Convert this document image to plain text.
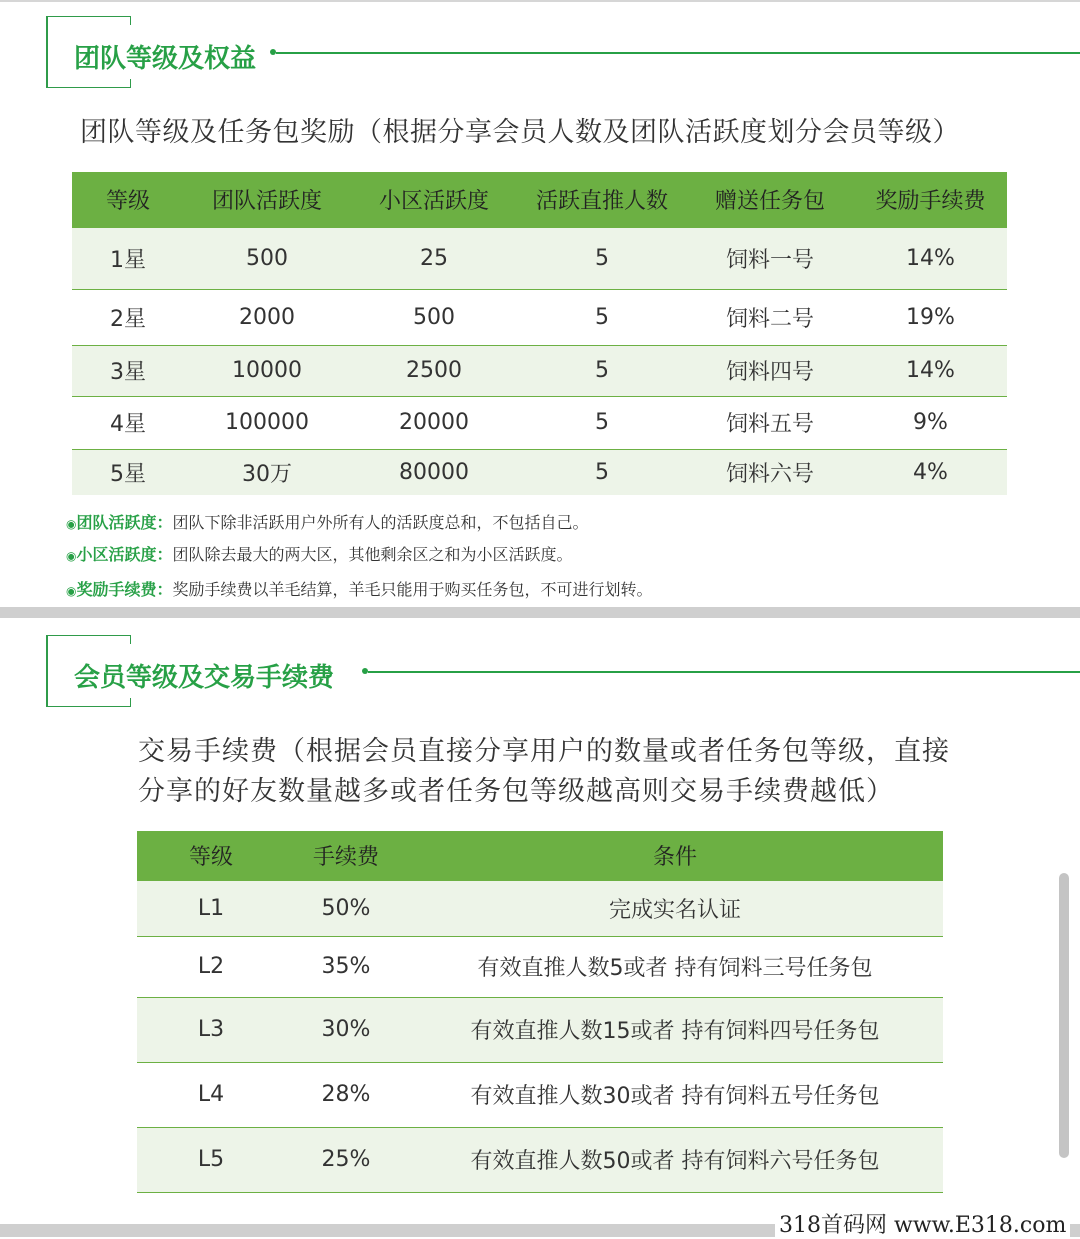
团队等级及权益
团队等级及任务包奖励（根据分享会员人数及团队活跃度划分会员等级）
等级	团队活跃度	小区活跃度	活跃直推人数	赠送任务包	奖励手续费
1星	500	25	5	饲料一号	14%
2星	2000	500	5	饲料二号	19%
3星	10000	2500	5	饲料四号	14%
4星	100000	20000	5	饲料五号	9%
5星	30万	80000	5	饲料六号	4%
◉团队活跃度：团队下除非活跃用户外所有人的活跃度总和，不包括自己。
◉小区活跃度：团队除去最大的两大区，其他剩余区之和为小区活跃度。
◉奖励手续费：奖励手续费以羊毛结算，羊毛只能用于购买任务包，不可进行划转。
会员等级及交易手续费
交易手续费（根据会员直接分享用户的数量或者任务包等级，直接
分享的好友数量越多或者任务包等级越高则交易手续费越低）
等级	手续费	条件
L1	50%	完成实名认证
L2	35%	有效直推人数5或者 持有饲料三号任务包
L3	30%	有效直推人数15或者 持有饲料四号任务包
L4	28%	有效直推人数30或者 持有饲料五号任务包
L5	25%	有效直推人数50或者 持有饲料六号任务包
318首码网 www.E318.com
